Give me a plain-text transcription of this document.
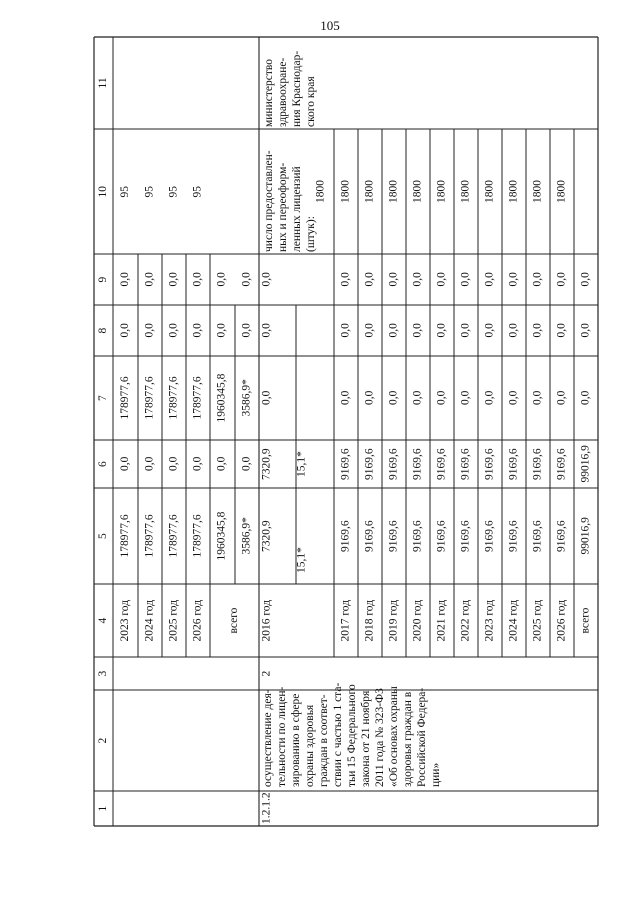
105
1
2
3
4
5
6
7
8
9
10
11
2023 год
178977,6
0,0
178977,6
0,0
0,0
95
2024 год
178977,6
0,0
178977,6
0,0
0,0
95
2025 год
178977,6
0,0
178977,6
0,0
0,0
95
2026 год
178977,6
0,0
178977,6
0,0
0,0
95
всего
1960345,8 3586,9*
0,0 0,0
1960345,8 3586,9*
0,0 0,0
0,0 0,0
1.2.1.2
осуществление дея-
тельности по лицен-
зированию в сфере
охраны здоровья
граждан в соответ-
ствии с частью 1 ста-
тьи 15 Федерального
закона от 21 ноября
2011 года № 323-ФЗ
«Об основах охраны
здоровья граждан в
Российской Федера-
ции»
2
число предоставлен-
ных и переоформ-
ленных лицензий
(штук):
министерство
здравоохране-
ния Краснодар-
ского края
2016 год
7320,9
15,1*
7320,9 15,1*
0,0
0,0
0,0
1800
2017 год
9169,6
9169,6
0,0
0,0
0,0
1800
2018 год
9169,6
9169,6
0,0
0,0
0,0
1800
2019 год
9169,6
9169,6
0,0
0,0
0,0
1800
2020 год
9169,6
9169,6
0,0
0,0
0,0
1800
2021 год
9169,6
9169,6
0,0
0,0
0,0
1800
2022 год
9169,6
9169,6
0,0
0,0
0,0
1800
2023 год
9169,6
9169,6
0,0
0,0
0,0
1800
2024 год
9169,6
9169,6
0,0
0,0
0,0
1800
2025 год
9169,6
9169,6
0,0
0,0
0,0
1800
2026 год
9169,6
9169,6
0,0
0,0
0,0
1800
всего
99016,9
99016,9
0,0
0,0
0,0
